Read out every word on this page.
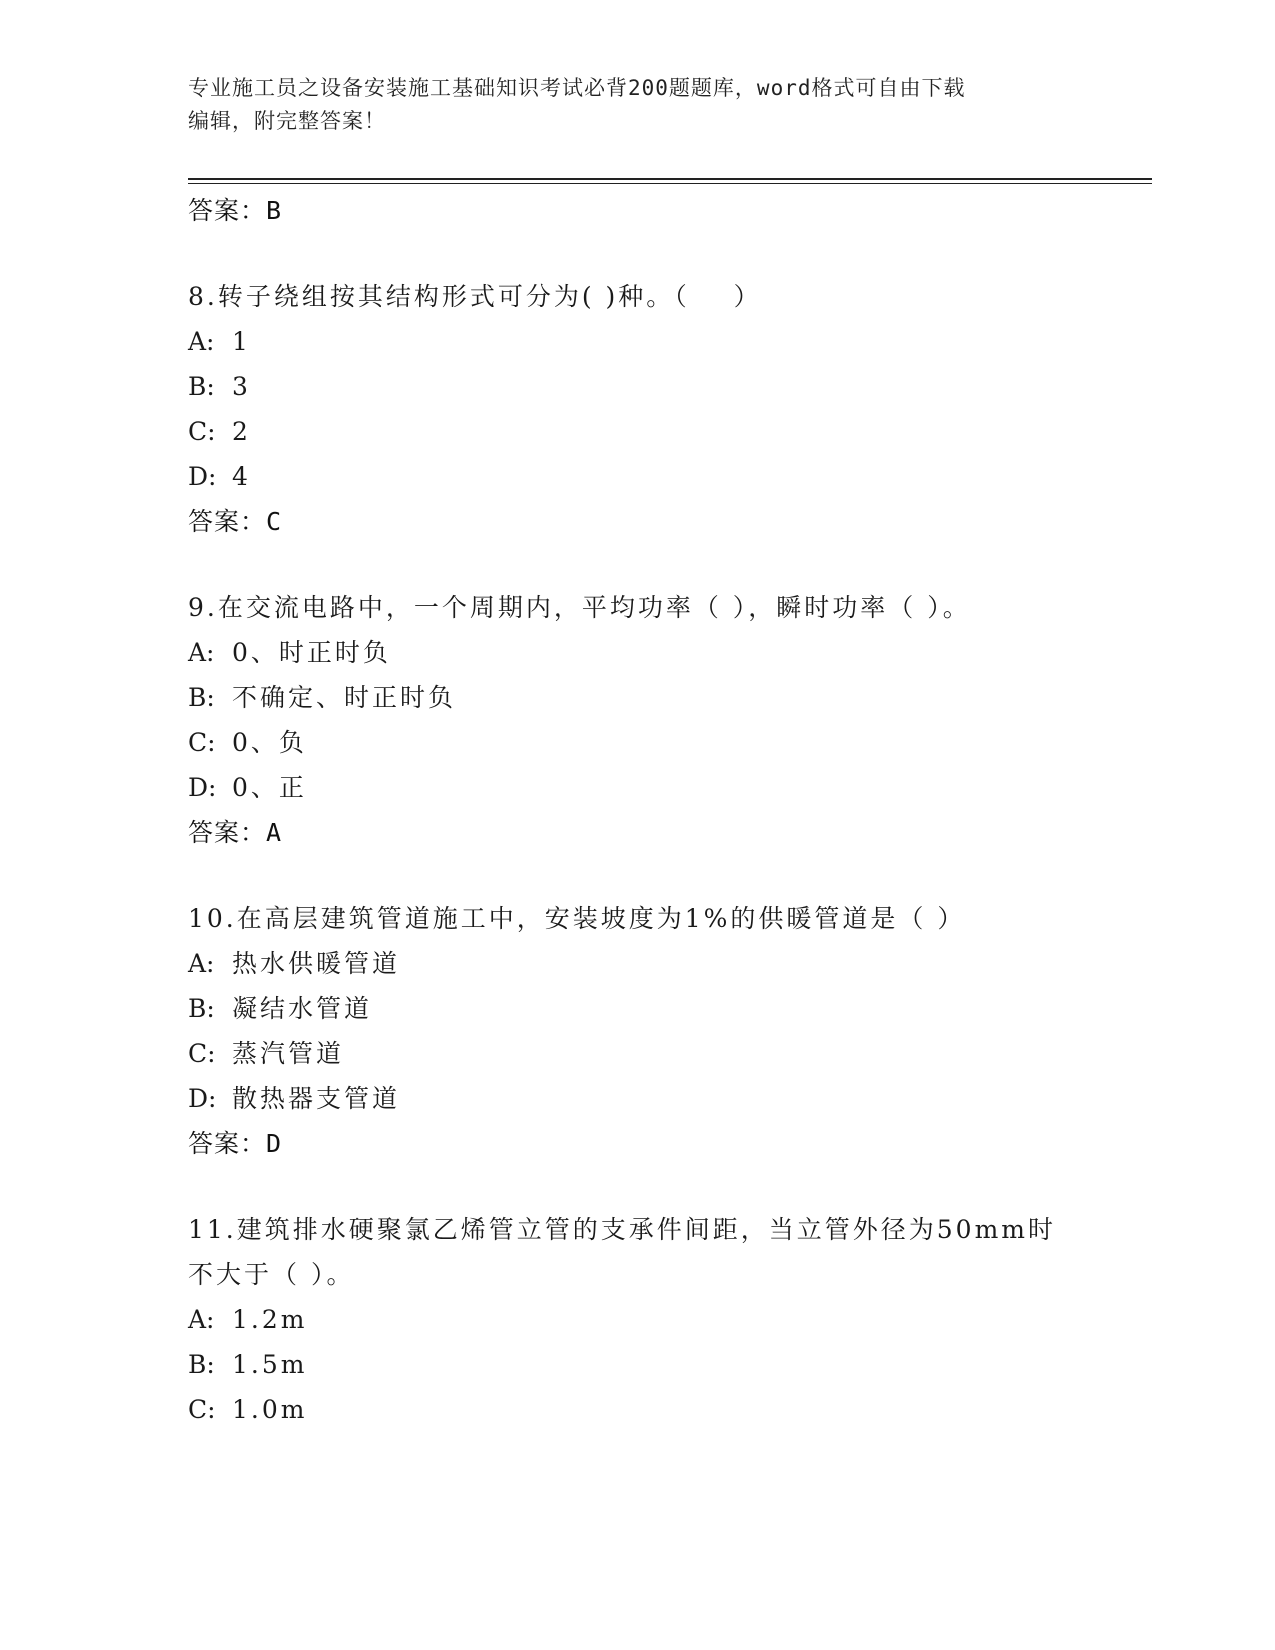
专业施工员之设备安装施工基础知识考试必背200题题库，word格式可自由下载
编辑，附完整答案！
答案：B
8.转子绕组按其结构形式可分为( )种。（    ）
A: 1
B: 3
C: 2
D: 4
答案：C
9.在交流电路中，一个周期内，平均功率（ ），瞬时功率（ ）。
A: 0、时正时负
B: 不确定、时正时负
C: 0、负
D: 0、正
答案：A
10.在高层建筑管道施工中，安装坡度为1%的供暖管道是（ ）
A: 热水供暖管道
B: 凝结水管道
C: 蒸汽管道
D: 散热器支管道
答案：D
11.建筑排水硬聚氯乙烯管立管的支承件间距，当立管外径为50mm时不大于（ ）。
A: 1.2m
B: 1.5m
C: 1.0m
